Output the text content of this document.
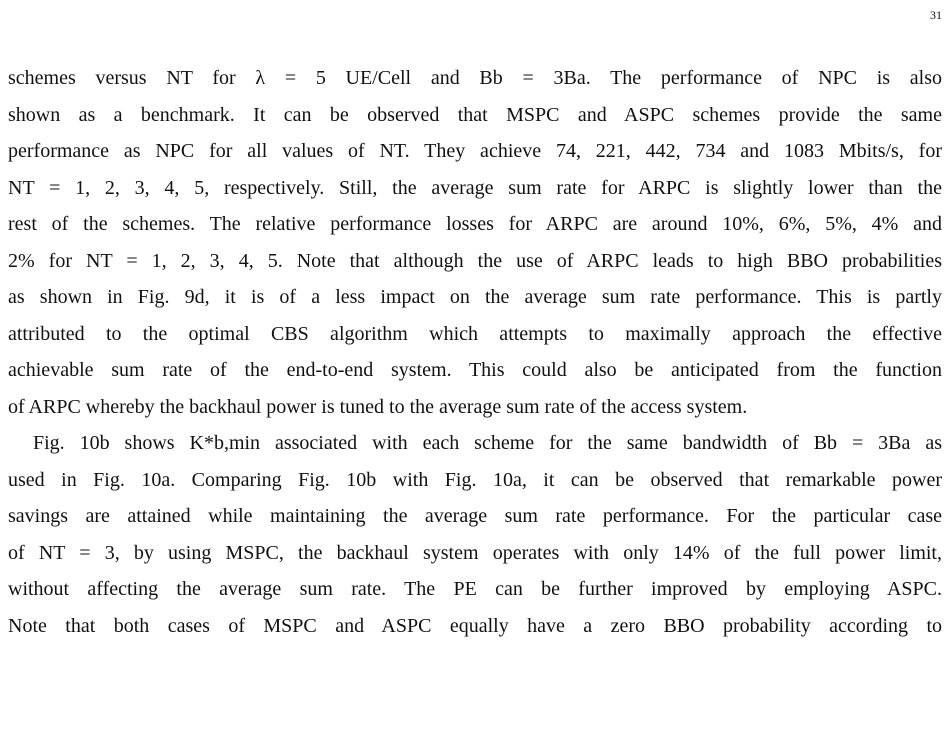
31

schemes versus NT for λ = 5 UE/Cell and Bb = 3Ba. The performance of NPC is also
shown as a benchmark. It can be observed that MSPC and ASPC schemes provide the same
performance as NPC for all values of NT. They achieve 74, 221, 442, 734 and 1083 Mbits/s, for
NT = 1, 2, 3, 4, 5, respectively. Still, the average sum rate for ARPC is slightly lower than the
rest of the schemes. The relative performance losses for ARPC are around 10%, 6%, 5%, 4% and
2% for NT = 1, 2, 3, 4, 5. Note that although the use of ARPC leads to high BBO probabilities
as shown in Fig. 9d, it is of a less impact on the average sum rate performance. This is partly
attributed to the optimal CBS algorithm which attempts to maximally approach the effective
achievable sum rate of the end-to-end system. This could also be anticipated from the function
of ARPC whereby the backhaul power is tuned to the average sum rate of the access system.

Fig. 10b shows K*b,min associated with each scheme for the same bandwidth of Bb = 3Ba as
used in Fig. 10a. Comparing Fig. 10b with Fig. 10a, it can be observed that remarkable power
savings are attained while maintaining the average sum rate performance. For the particular case
of NT = 3, by using MSPC, the backhaul system operates with only 14% of the full power limit,
without affecting the average sum rate. The PE can be further improved by employing ASPC.
Note that both cases of MSPC and ASPC equally have a zero BBO probability according to
